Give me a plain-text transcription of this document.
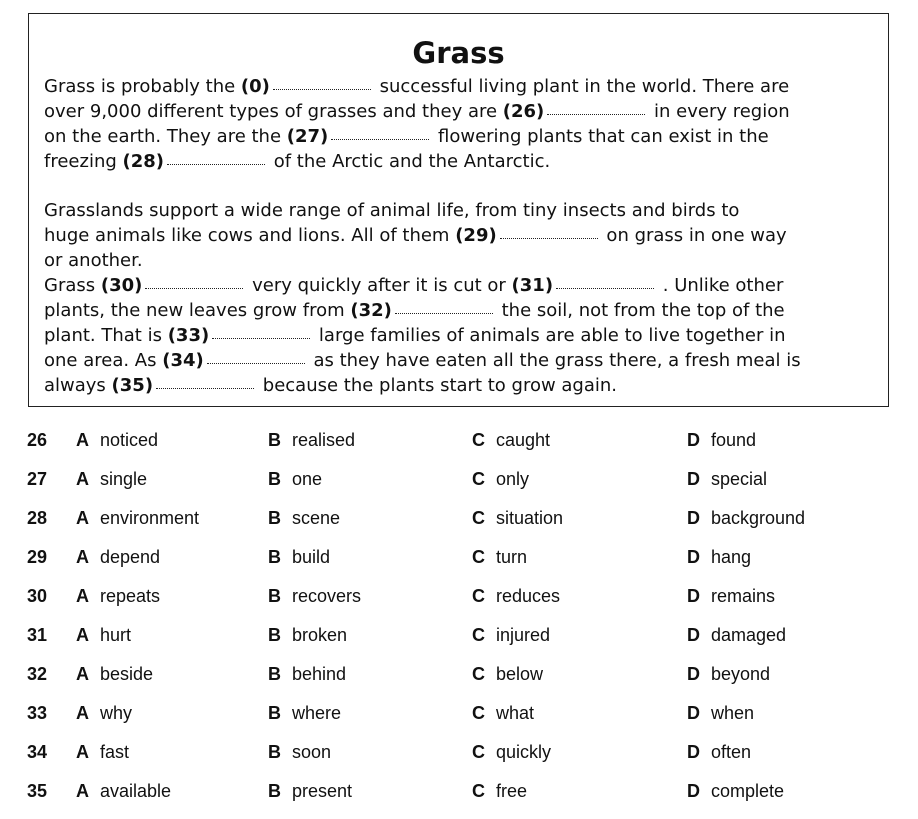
Grass
Grass is probably the (0)	successful living plant in the world. There are
over 9,000 different types of grasses and they are (26)	in every region
on the earth. They are the (27)	flowering plants that can exist in the
freezing (28)	of the Arctic and the Antarctic.
Grasslands support a wide range of animal life, from tiny insects and birds to
huge animals like cows and lions. All of them (29)	on grass in one way
or another.
Grass (30)	very quickly after it is cut or (31)	. Unlike other
plants, the new leaves grow from (32)	the soil, not from the top of the
plant. That is (33)	large families of animals are able to live together in
one area. As (34)	as they have eaten all the grass there, a fresh meal is
always (35)	because the plants start to grow again.
26 A noticed	B realised	C caught	D found
27 A single	B one	C only	D special
28 A environment	B scene	C situation	D background
29 A depend	B build	C turn	D hang
30 A repeats	B recovers	C reduces	D remains
31 A hurt	B broken	C injured	D damaged
32 A beside	B behind	C below	D beyond
33 A why	B where	C what	D when
34 A fast	B soon	C quickly	D often
35 A available	B present	C free	D complete
